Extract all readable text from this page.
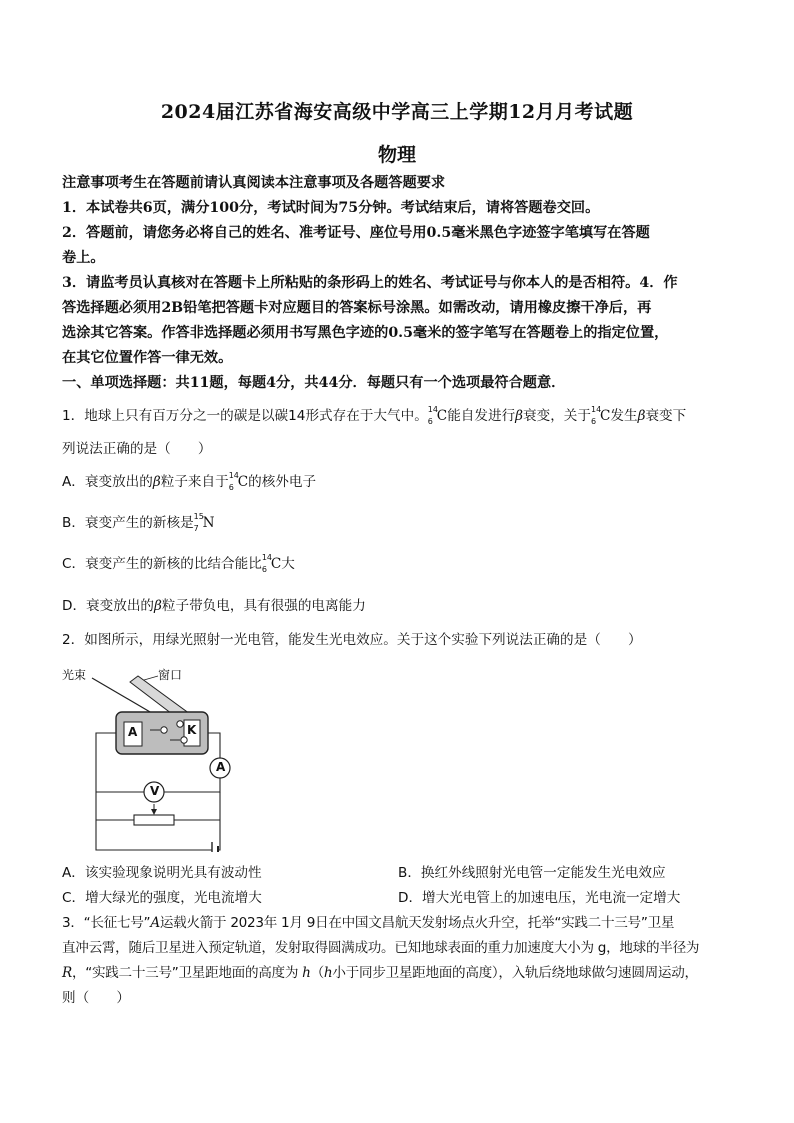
2024届江苏省海安高级中学高三上学期12月月考试题
物理
注意事项考生在答题前请认真阅读本注意事项及各题答题要求
1．本试卷共6页，满分100分，考试时间为75分钟。考试结束后，请将答题卷交回。
2．答题前，请您务必将自己的姓名、准考证号、座位号用0.5毫米黑色字迹签字笔填写在答题
卷上。
3．请监考员认真核对在答题卡上所粘贴的条形码上的姓名、考试证号与你本人的是否相符。4．作
答选择题必须用2B铅笔把答题卡对应题目的答案标号涂黑。如需改动，请用橡皮擦干净后，再
选涂其它答案。作答非选择题必须用书写黑色字迹的0.5毫米的签字笔写在答题卷上的指定位置，
在其它位置作答一律无效。
一、单项选择题：共11题，每题4分，共44分．每题只有一个选项最符合题意．
1．地球上只有百万分之一的碳是以碳14形式存在于大气中。 14
6 C能自发进行β衰变，关于 14
6 C发生β衰变下
列说法正确的是（　　）
A．衰变放出的β粒子来自于 14
6 C的核外电子
B．衰变产生的新核是 15
7 N
C．衰变产生的新核的比结合能比 14
6 C大
D．衰变放出的β粒子带负电，具有很强的电离能力
2．如图所示，用绿光照射一光电管，能发生光电效应。关于这个实验下列说法正确的是（　　）
光束	窗口
A	K
A
V
A．该实验现象说明光具有波动性	B．换红外线照射光电管一定能发生光电效应
C．增大绿光的强度，光电流增大	D．增大光电管上的加速电压，光电流一定增大
3．“长征七号”A运载火箭于 2023年 1月 9日在中国文昌航天发射场点火升空，托举“实践二十三号”卫星
直冲云霄，随后卫星进入预定轨道，发射取得圆满成功。已知地球表面的重力加速度大小为 g，地球的半径为
R，“实践二十三号”卫星距地面的高度为 h（h小于同步卫星距地面的高度），入轨后绕地球做匀速圆周运动，
则（　　）
